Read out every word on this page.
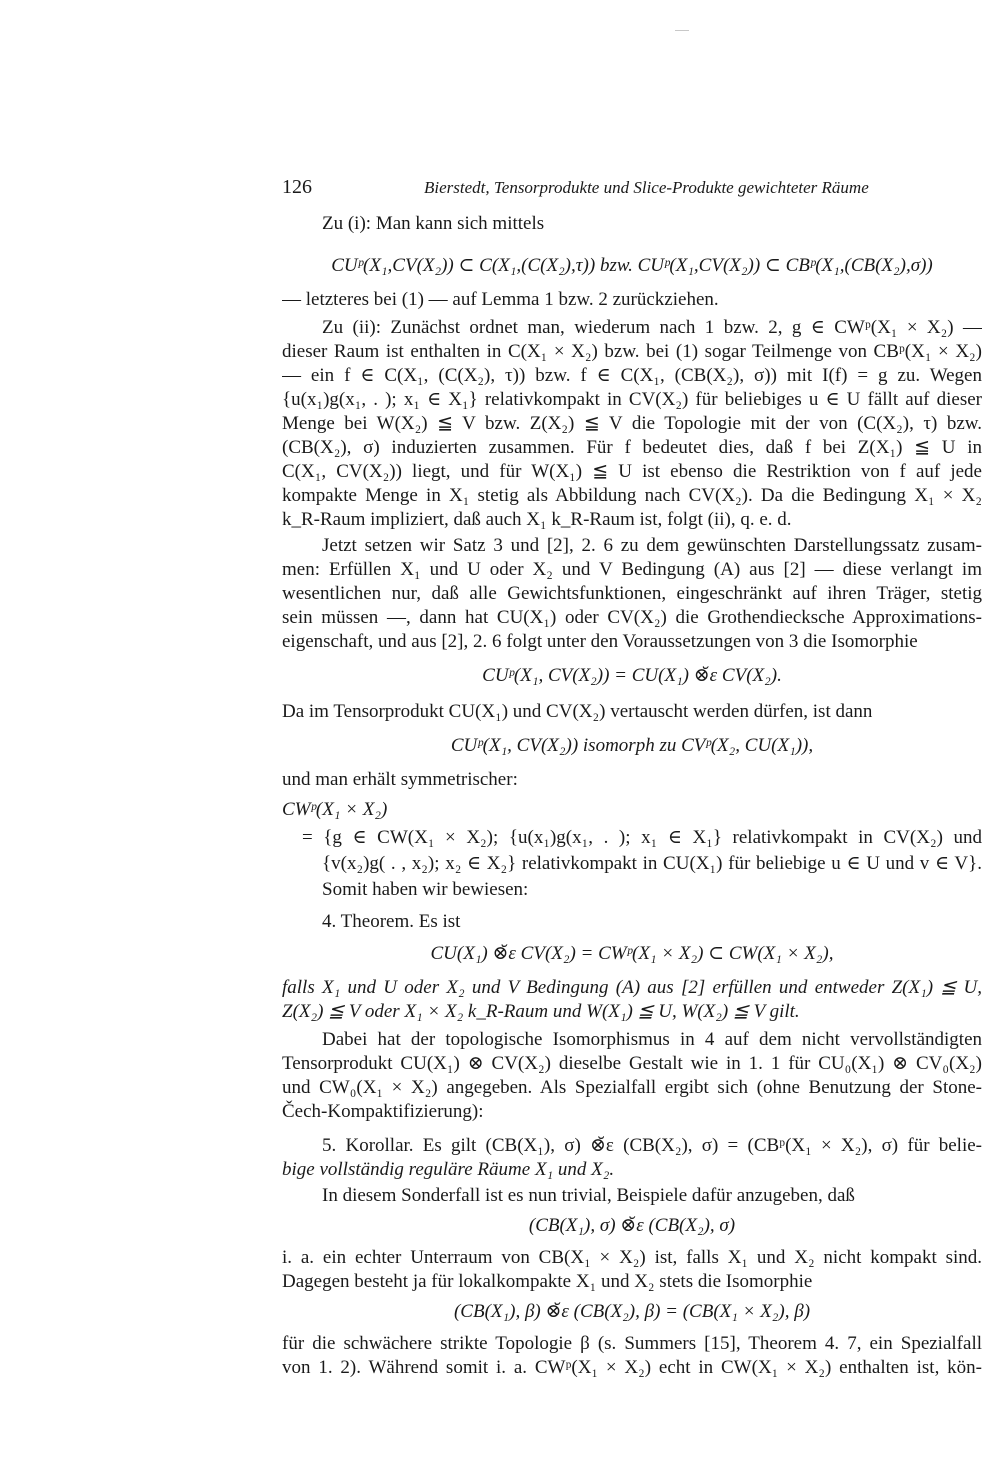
126	Bierstedt, Tensorprodukte und Slice-Produkte gewichteter Räume
Zu (i): Man kann sich mittels
CUᵖ(X₁,CV(X₂)) ⊂ C(X₁,(C(X₂),τ)) bzw. CUᵖ(X₁,CV(X₂)) ⊂ CBᵖ(X₁,(CB(X₂),σ))
— letzteres bei (1) — auf Lemma 1 bzw. 2 zurückziehen.
Zu (ii): Zunächst ordnet man, wiederum nach 1 bzw. 2, g ∈ CWᵖ(X₁ × X₂) —
dieser Raum ist enthalten in C(X₁ × X₂) bzw. bei (1) sogar Teilmenge von CBᵖ(X₁ × X₂)
— ein f ∈ C(X₁, (C(X₂), τ)) bzw. f ∈ C(X₁, (CB(X₂), σ)) mit I(f) = g zu. Wegen
{u(x₁)g(x₁, . ); x₁ ∈ X₁} relativkompakt in CV(X₂) für beliebiges u ∈ U fällt auf dieser
Menge bei W(X₂) ≦ V bzw. Z(X₂) ≦ V die Topologie mit der von (C(X₂), τ) bzw.
(CB(X₂), σ) induzierten zusammen. Für f bedeutet dies, daß f bei Z(X₁) ≦ U in
C(X₁, CV(X₂)) liegt, und für W(X₁) ≦ U ist ebenso die Restriktion von f auf jede
kompakte Menge in X₁ stetig als Abbildung nach CV(X₂). Da die Bedingung X₁ × X₂
k_R-Raum impliziert, daß auch X₁ k_R-Raum ist, folgt (ii), q. e. d.
Jetzt setzen wir Satz 3 und [2], 2. 6 zu dem gewünschten Darstellungssatz zusam-
men: Erfüllen X₁ und U oder X₂ und V Bedingung (A) aus [2] — diese verlangt im
wesentlichen nur, daß alle Gewichtsfunktionen, eingeschränkt auf ihren Träger, stetig
sein müssen —, dann hat CU(X₁) oder CV(X₂) die Grothendiecksche Approximations-
eigenschaft, und aus [2], 2. 6 folgt unter den Voraussetzungen von 3 die Isomorphie
CUᵖ(X₁, CV(X₂)) = CU(X₁) ⊗̆ε CV(X₂).
Da im Tensorprodukt CU(X₁) und CV(X₂) vertauscht werden dürfen, ist dann
CUᵖ(X₁, CV(X₂)) isomorph zu CVᵖ(X₂, CU(X₁)),
und man erhält symmetrischer:
CWᵖ(X₁ × X₂)
= {g ∈ CW(X₁ × X₂); {u(x₁)g(x₁, . ); x₁ ∈ X₁} relativkompakt in CV(X₂) und
{v(x₂)g( . , x₂); x₂ ∈ X₂} relativkompakt in CU(X₁) für beliebige u ∈ U und v ∈ V}.
Somit haben wir bewiesen:
4. Theorem. Es ist
CU(X₁) ⊗̆ε CV(X₂) = CWᵖ(X₁ × X₂) ⊂ CW(X₁ × X₂),
falls X₁ und U oder X₂ und V Bedingung (A) aus [2] erfüllen und entweder Z(X₁) ≦ U,
Z(X₂) ≦ V oder X₁ × X₂ k_R-Raum und W(X₁) ≦ U, W(X₂) ≦ V gilt.
Dabei hat der topologische Isomorphismus in 4 auf dem nicht vervollständigten
Tensorprodukt CU(X₁) ⊗ CV(X₂) dieselbe Gestalt wie in 1. 1 für CU₀(X₁) ⊗ CV₀(X₂)
und CW₀(X₁ × X₂) angegeben. Als Spezialfall ergibt sich (ohne Benutzung der Stone-
Čech-Kompaktifizierung):
5. Korollar. Es gilt (CB(X₁), σ) ⊗̆ε (CB(X₂), σ) = (CBᵖ(X₁ × X₂), σ) für belie-
bige vollständig reguläre Räume X₁ und X₂.
In diesem Sonderfall ist es nun trivial, Beispiele dafür anzugeben, daß
(CB(X₁), σ) ⊗̆ε (CB(X₂), σ)
i. a. ein echter Unterraum von CB(X₁ × X₂) ist, falls X₁ und X₂ nicht kompakt sind.
Dagegen besteht ja für lokalkompakte X₁ und X₂ stets die Isomorphie
(CB(X₁), β) ⊗̆ε (CB(X₂), β) = (CB(X₁ × X₂), β)
für die schwächere strikte Topologie β (s. Summers [15], Theorem 4. 7, ein Spezialfall
von 1. 2). Während somit i. a. CWᵖ(X₁ × X₂) echt in CW(X₁ × X₂) enthalten ist, kön-
